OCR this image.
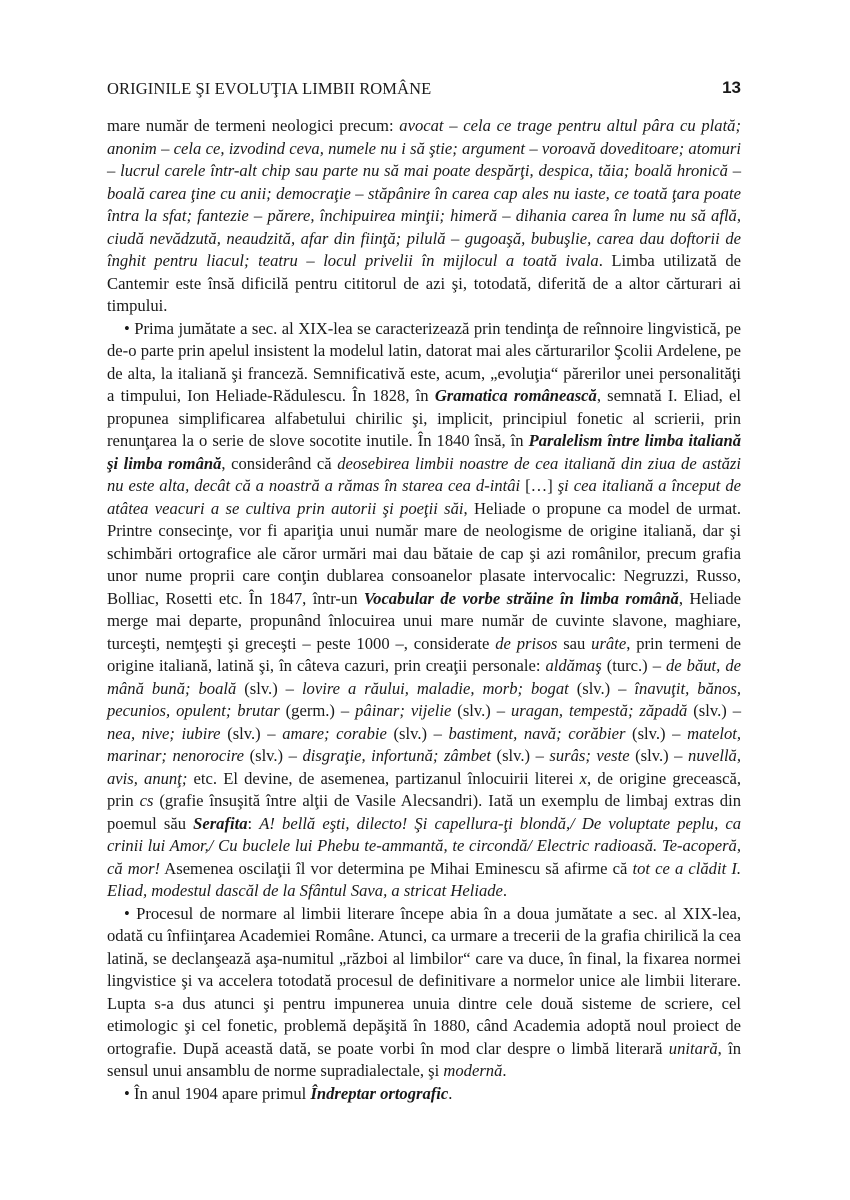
ORIGINILE ŞI EVOLUŢIA LIMBII ROMÂNE	13

mare număr de termeni neologici precum: avocat – cela ce trage pentru altul pâra cu plată; anonim – cela ce, izvodind ceva, numele nu i să ştie; argument – voroavă doveditoare; atomuri – lucrul carele într-alt chip sau parte nu să mai poate despărţi, despica, tăia; boală hronică – boală carea ţine cu anii; democraţie – stăpânire în carea cap ales nu iaste, ce toată ţara poate întra la sfat; fantezie – părere, închipuirea minţii; himeră – dihania carea în lume nu să află, ciudă nevădzută, neaudzită, afar din fiinţă; pilulă – gugoaşă, bubuşlie, carea dau doftorii de înghit pentru liacul; teatru – locul privelii în mijlocul a toată ivala. Limba utilizată de Cantemir este însă dificilă pentru cititorul de azi şi, totodată, diferită de a altor cărturari ai timpului.

• Prima jumătate a sec. al XIX-lea se caracterizează prin tendinţa de reînnoire lingvistică, pe de-o parte prin apelul insistent la modelul latin, datorat mai ales cărturarilor Şcolii Ardelene, pe de alta, la italiană şi franceză. Semnificativă este, acum, „evoluţia“ părerilor unei personalităţi a timpului, Ion Heliade-Rădulescu. În 1828, în Gramatica românească, semnată I. Eliad, el propunea simplificarea alfabetului chirilic şi, implicit, principiul fonetic al scrierii, prin renunţarea la o serie de slove socotite inutile. În 1840 însă, în Paralelism între limba italiană şi limba română, considerând că deosebirea limbii noastre de cea italiană din ziua de astăzi nu este alta, decât că a noastră a rămas în starea cea d-intâi […] şi cea italiană a început de atâtea veacuri a se cultiva prin autorii şi poeţii săi, Heliade o propune ca model de urmat. Printre consecinţe, vor fi apariţia unui număr mare de neologisme de origine italiană, dar şi schimbări ortografice ale căror urmări mai dau bătaie de cap şi azi românilor, precum grafia unor nume proprii care conţin dublarea consoanelor plasate intervocalic: Negruzzi, Russo, Bolliac, Rosetti etc. În 1847, într-un Vocabular de vorbe străine în limba română, Heliade merge mai departe, propunând înlocuirea unui mare număr de cuvinte slavone, maghiare, turceşti, nemţeşti şi greceşti – peste 1000 –, considerate de prisos sau urâte, prin termeni de origine italiană, latină şi, în câteva cazuri, prin creaţii personale: aldămaş (turc.) – de băut, de mână bună; boală (slv.) – lovire a răului, maladie, morb; bogat (slv.) – înavuţit, bănos, pecunios, opulent; brutar (germ.) – pâinar; vijelie (slv.) – uragan, tempestă; zăpadă (slv.) – nea, nive; iubire (slv.) – amare; corabie (slv.) – bastiment, navă; corăbier (slv.) – matelot, marinar; nenorocire (slv.) – disgraţie, infortună; zâmbet (slv.) – surâs; veste (slv.) – nuvellă, avis, anunţ; etc. El devine, de asemenea, partizanul înlocuirii literei x, de origine grecească, prin cs (grafie însuşită între alţii de Vasile Alecsandri). Iată un exemplu de limbaj extras din poemul său Serafita: A! bellă eşti, dilecto! Şi capellura-ţi blondă,/ De voluptate peplu, ca crinii lui Amor,/ Cu buclele lui Phebu te-ammantă, te circondă/ Electric radioasă. Te-acoperă, că mor! Asemenea oscilaţii îl vor determina pe Mihai Eminescu să afirme că tot ce a clădit I. Eliad, modestul dascăl de la Sfântul Sava, a stricat Heliade.

• Procesul de normare al limbii literare începe abia în a doua jumătate a sec. al XIX-lea, odată cu înfiinţarea Academiei Române. Atunci, ca urmare a trecerii de la grafia chirilică la cea latină, se declanşează aşa-numitul „război al limbilor“ care va duce, în final, la fixarea normei lingvistice şi va accelera totodată procesul de definitivare a normelor unice ale limbii literare. Lupta s-a dus atunci şi pentru impunerea unuia dintre cele două sisteme de scriere, cel etimologic şi cel fonetic, problemă depăşită în 1880, când Academia adoptă noul proiect de ortografie. După această dată, se poate vorbi în mod clar despre o limbă literară unitară, în sensul unui ansamblu de norme supradialectale, şi modernă.

• În anul 1904 apare primul Îndreptar ortografic.
